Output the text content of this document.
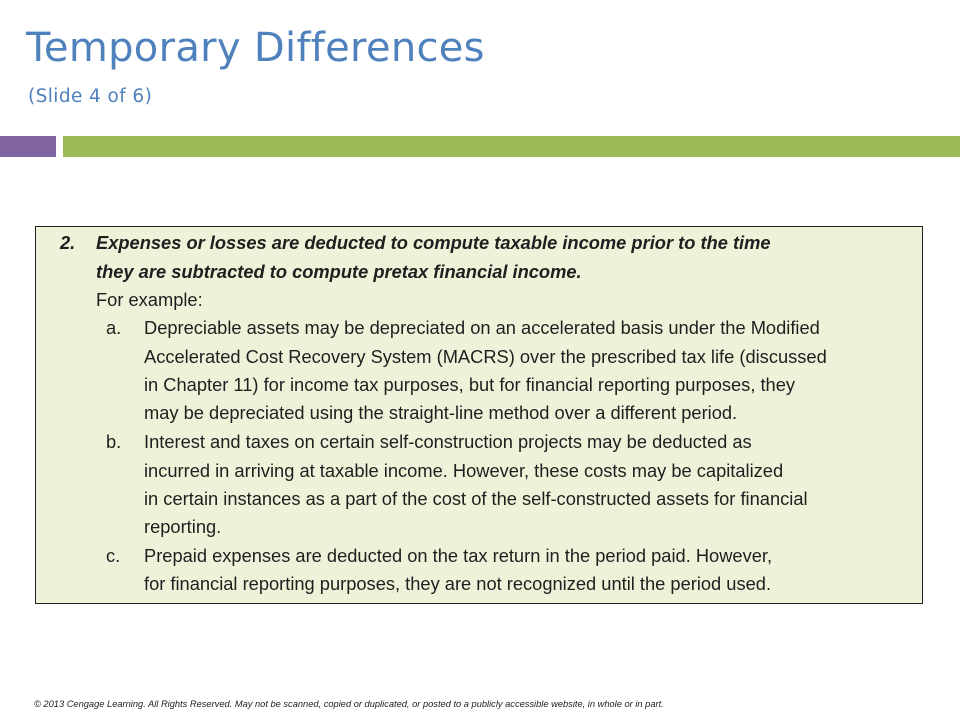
Temporary Differences
(Slide 4 of 6)
2. Expenses or losses are deducted to compute taxable income prior to the time
they are subtracted to compute pretax financial income.
For example:
a. Depreciable assets may be depreciated on an accelerated basis under the Modified
Accelerated Cost Recovery System (MACRS) over the prescribed tax life (discussed
in Chapter 11) for income tax purposes, but for financial reporting purposes, they
may be depreciated using the straight-line method over a different period.
b. Interest and taxes on certain self-construction projects may be deducted as
incurred in arriving at taxable income. However, these costs may be capitalized
in certain instances as a part of the cost of the self-constructed assets for financial
reporting.
c. Prepaid expenses are deducted on the tax return in the period paid. However,
for financial reporting purposes, they are not recognized until the period used.

© 2013 Cengage Learning. All Rights Reserved. May not be scanned, copied or duplicated, or posted to a publicly accessible website, in whole or in part.
